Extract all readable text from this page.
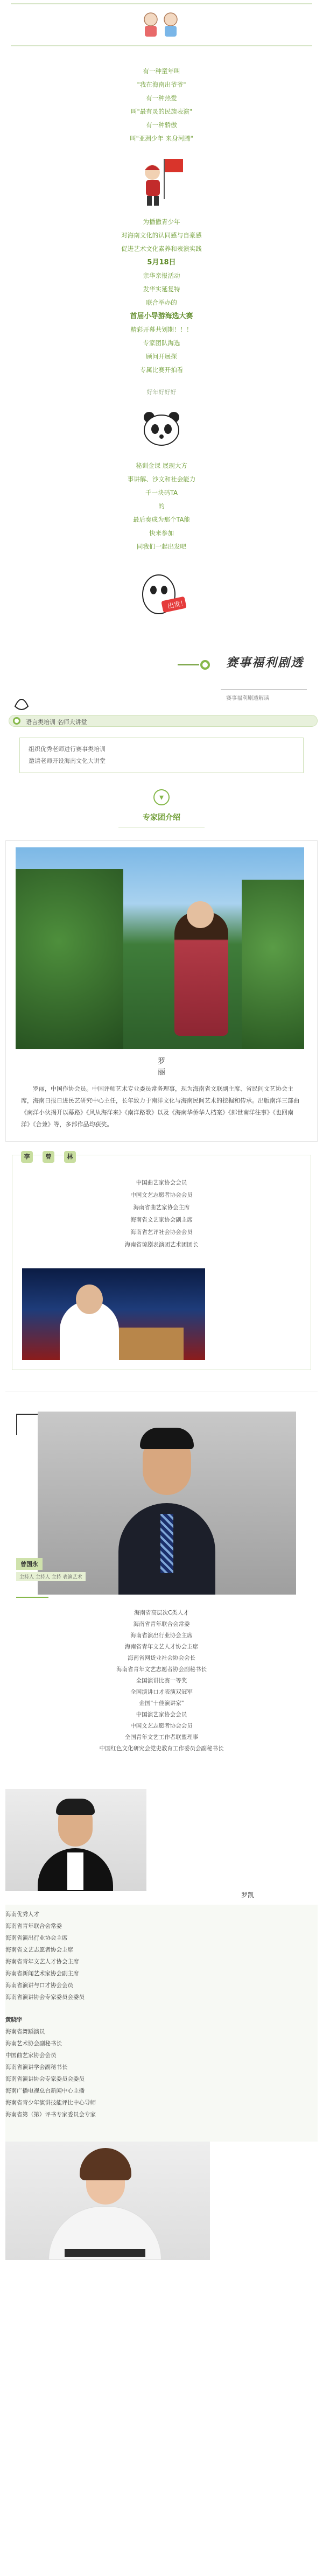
有一种童年叫

"我在海南出爷爷"

有一种热爱

叫"最有灵的民族表演"

有一种骄傲

叫"亚洲少年 来身河腾"

为播撒青少年

对海南文化的认同感与自豪感

促进艺术文化素养和表演实践

5月18日

亲华亲报活动

发华实延复特

联合举办的

首届小导游海选大赛

精彩开幕共划期！！！

专家团队海选

顾问开展探

专属比赛开拍看

好年好好好

秘训金课 展现大方

事讲解、沙文和社会能力

千一块码TA

的

最后奏成为那个TA能

快来参加

同我们一起出发吧

出发！
赛事福利剧透
赛事福利剧透解读
语言类培训 名师大讲堂
组织优秀老师进行赛事类培训
邀请老师开设海南文化大讲堂
▾
专家团介绍
罗
丽
罗丽，中国作协会员。中国评师艺术专业委员常务理事，现为海南省文联副主席、省民间文艺协会主席，海南日报日进民艺研究中心主任，长年致力于南洋文化与海南民间艺术的挖掘和传承。出版南洋三部曲《南洋小伙揭开以幕路》《风从海洋来》《南洋路歌》以及《海南华侨华人档案》《郎世南洋往事》《也回南洋》《合兼》等，多部作品均获奖。
李	曾	林
中国曲艺家协会会员
中国文艺志愿者协会会员
海南省曲艺家协会主席
海南省文艺家协会副主席
海南省艺评社会协会会员
海南省琼剧表演团艺术团团长
曾国永
主持人 主持人 主持 表演艺术
海南省高层次C类人才
海南省青年联合会常委
海南省演出行业协会主席
海南省青年文艺人才协会主席
海南省网货业社会协会会长
海南省青年文艺志愿者协会副秘书长
全国演讲比赛一等奖
全国演讲口才表演双冠军
金国"十佳演讲家"
中国演艺家协会会员
中国文艺志愿者协会会员
全国青年文艺工作者联盟理事
中国红色文化研究会党史教育工作委员会副秘书长
罗凯
海南优秀人才
海南省青年联合会常委
海南省演出行业协会主席
海南省文艺志愿者协会主席
海南省青年文艺人才协会主席
海南省新闻艺术家协会副主席
海南省演讲与口才协会会员
海南省演讲协会专家委员会委员
黄晓宇
海南省舞蹈演员
海南艺术协会副秘书长
中国曲艺家协会会员
海南省演讲学会副秘书长
海南省演讲协会专家委员会委员
海南广播电视总台新闻中心主播
海南省青少年演讲技能评比中心导师
海南省第（第）评书专家委员会专家
